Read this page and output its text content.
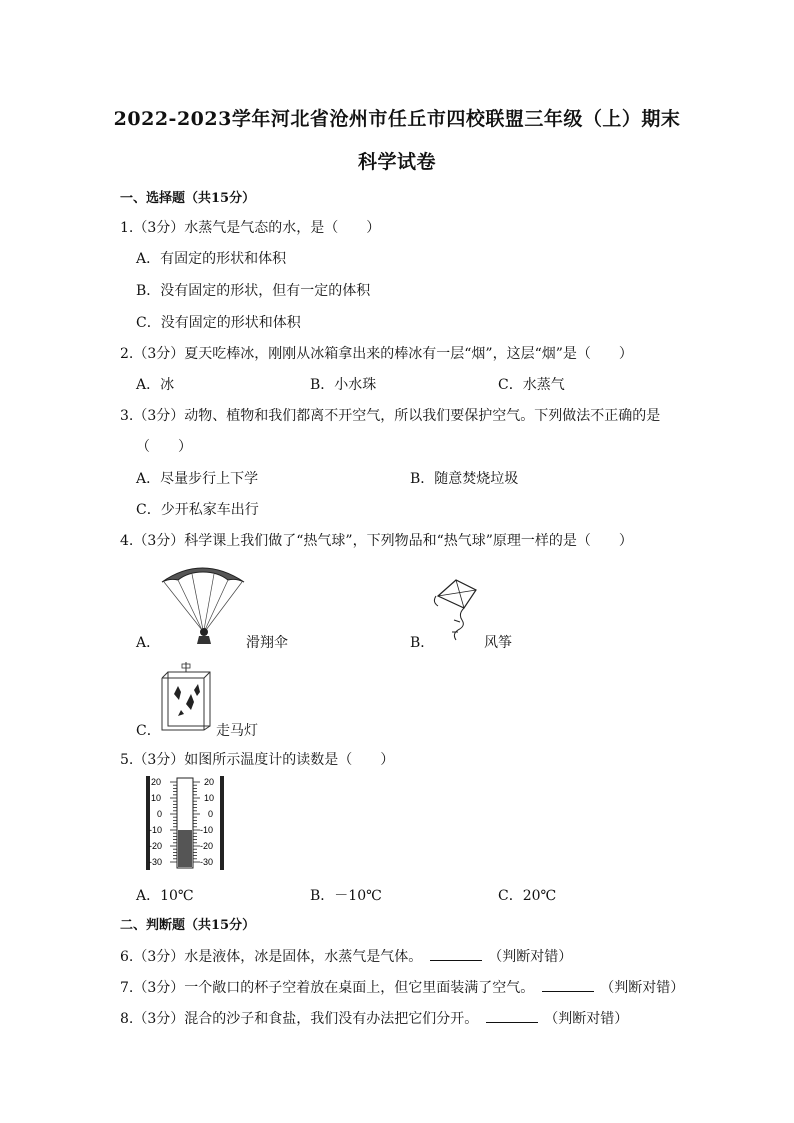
2022-2023学年河北省沧州市任丘市四校联盟三年级（上）期末
科学试卷
一、选择题（共15分）
1.（3分）水蒸气是气态的水，是（　　）
A．有固定的形状和体积
B．没有固定的形状，但有一定的体积
C．没有固定的形状和体积
2.（3分）夏天吃棒冰，刚刚从冰箱拿出来的棒冰有一层“烟”，这层“烟”是（　　）
A．冰	B．小水珠	C．水蒸气
3.（3分）动物、植物和我们都离不开空气，所以我们要保护空气。下列做法不正确的是
（　　）
A．尽量步行上下学	B．随意焚烧垃圾
C．少开私家车出行
4.（3分）科学课上我们做了“热气球”，下列物品和“热气球”原理一样的是（　　）
A．	滑翔伞	B．	风筝
C．	走马灯
5.（3分）如图所示温度计的读数是（　　）
20
10
0
-10
-20
-30
20
10
0
-10
-20
-30
A．10℃	B．－10℃	C．20℃
二、判断题（共15分）
6.（3分）水是液体，冰是固体，水蒸气是气体。	（判断对错）
7.（3分）一个敞口的杯子空着放在桌面上，但它里面装满了空气。	（判断对错）
8.（3分）混合的沙子和食盐，我们没有办法把它们分开。	（判断对错）
